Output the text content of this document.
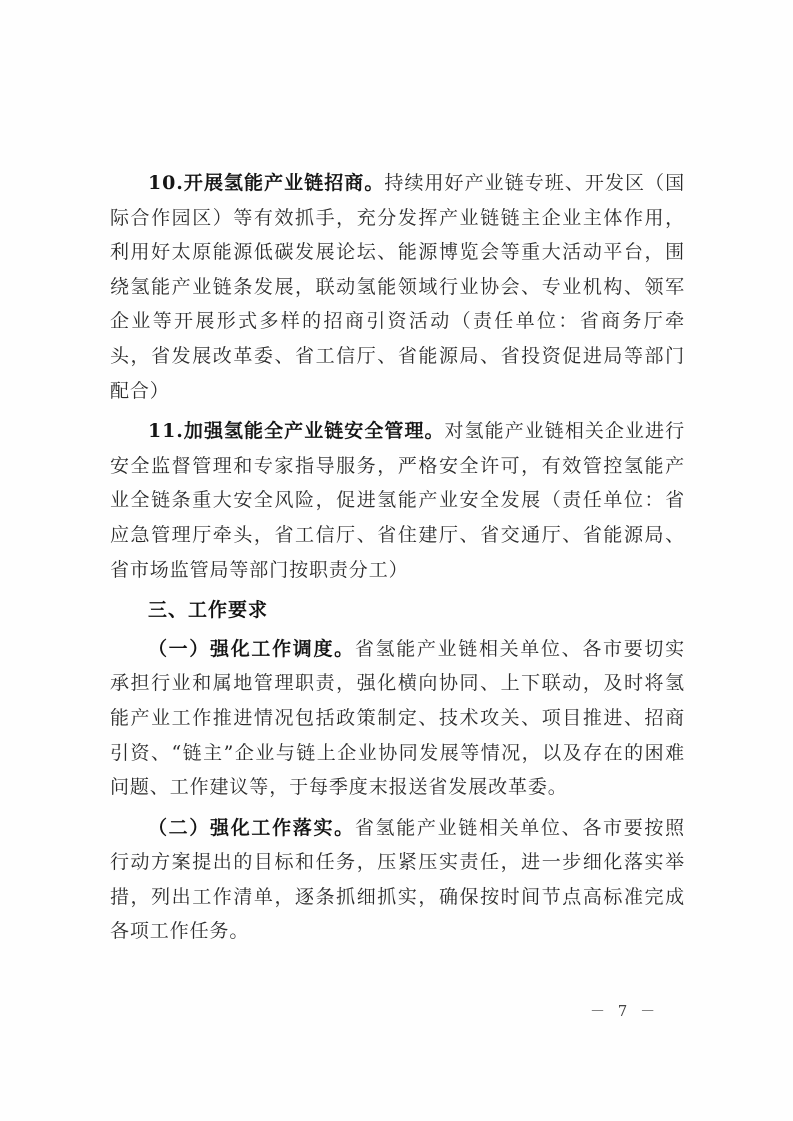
10.开展氢能产业链招商。持续用好产业链专班、开发区（国际合作园区）等有效抓手，充分发挥产业链链主企业主体作用，利用好太原能源低碳发展论坛、能源博览会等重大活动平台，围绕氢能产业链条发展，联动氢能领域行业协会、专业机构、领军企业等开展形式多样的招商引资活动（责任单位：省商务厅牵头，省发展改革委、省工信厅、省能源局、省投资促进局等部门配合）

11.加强氢能全产业链安全管理。对氢能产业链相关企业进行安全监督管理和专家指导服务，严格安全许可，有效管控氢能产业全链条重大安全风险，促进氢能产业安全发展（责任单位：省应急管理厅牵头，省工信厅、省住建厅、省交通厅、省能源局、省市场监管局等部门按职责分工）

三、工作要求

（一）强化工作调度。省氢能产业链相关单位、各市要切实承担行业和属地管理职责，强化横向协同、上下联动，及时将氢能产业工作推进情况包括政策制定、技术攻关、项目推进、招商引资、“链主”企业与链上企业协同发展等情况，以及存在的困难问题、工作建议等，于每季度末报送省发展改革委。

（二）强化工作落实。省氢能产业链相关单位、各市要按照行动方案提出的目标和任务，压紧压实责任，进一步细化落实举措，列出工作清单，逐条抓细抓实，确保按时间节点高标准完成各项工作任务。

－ 7 －
